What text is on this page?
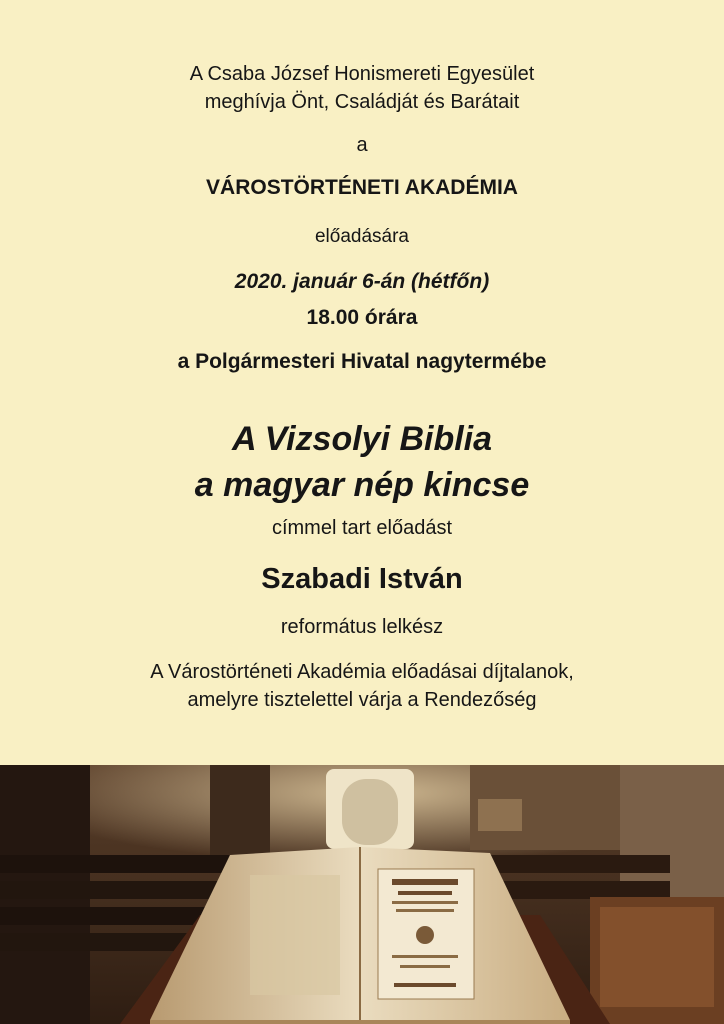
A Csaba József Honismereti Egyesület
meghívja Önt, Családját és Barátait
a
VÁROSTÖRTÉNETI AKADÉMIA
előadására
2020. január 6-án (hétfőn)
18.00 órára
a Polgármesteri Hivatal nagytermébe
A Vizsolyi Biblia
a magyar nép kincse
címmel tart előadást
Szabadi István
református lelkész
A Várostörténeti Akadémia előadásai díjtalanok,
amelyre tisztelettel várja a Rendezőség
